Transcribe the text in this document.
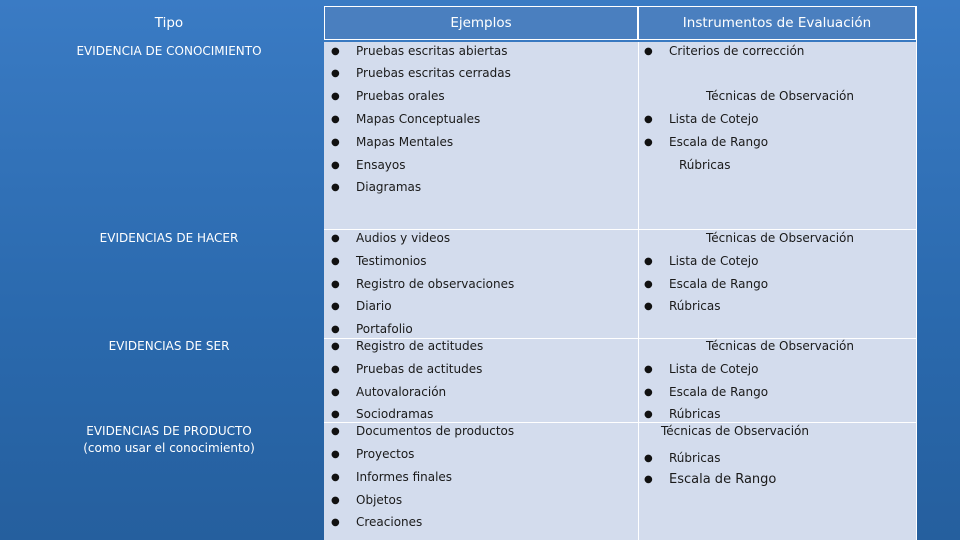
Tipo	Ejemplos	Instrumentos de Evaluación
EVIDENCIA DE CONOCIMIENTO
EVIDENCIAS DE HACER
EVIDENCIAS DE SER
EVIDENCIAS DE PRODUCTO
(como usar el conocimiento)
● Pruebas escritas abiertas
● Pruebas escritas cerradas
● Pruebas orales
● Mapas Conceptuales
● Mapas Mentales
● Ensayos
● Diagramas
● Audios y videos
● Testimonios
● Registro de observaciones
● Diario
● Portafolio
● Registro de actitudes
● Pruebas de actitudes
● Autovaloración
● Sociodramas
● Documentos de productos
● Proyectos
● Informes finales
● Objetos
● Creaciones
● Criterios de corrección
Técnicas de Observación
Rúbricas
Técnicas de Observación
Técnicas de Observación
Técnicas de Observación
● Lista de Cotejo
● Escala de Rango
● Lista de Cotejo
● Escala de Rango
● Rúbricas
● Lista de Cotejo
● Escala de Rango
● Rúbricas
● Rúbricas
● Escala de Rango
